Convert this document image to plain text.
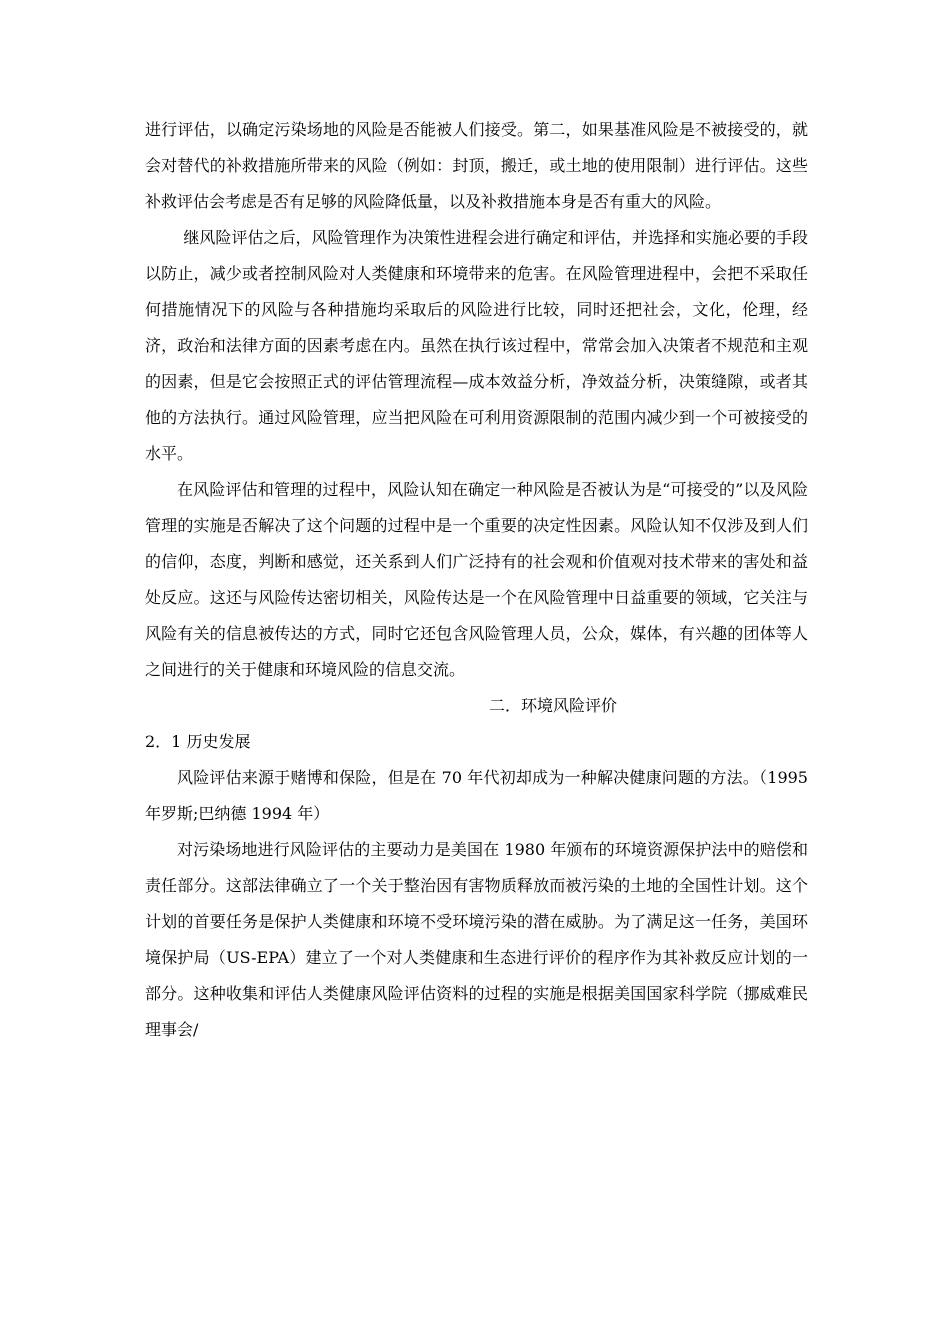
进行评估，以确定污染场地的风险是否能被人们接受。第二，如果基准风险是不被接受的，就会对替代的补救措施所带来的风险（例如：封顶，搬迁，或土地的使用限制）进行评估。这些补救评估会考虑是否有足够的风险降低量，以及补救措施本身是否有重大的风险。

继风险评估之后，风险管理作为决策性进程会进行确定和评估，并选择和实施必要的手段以防止，减少或者控制风险对人类健康和环境带来的危害。在风险管理进程中，会把不采取任何措施情况下的风险与各种措施均采取后的风险进行比较，同时还把社会，文化，伦理，经济，政治和法律方面的因素考虑在内。虽然在执行该过程中，常常会加入决策者不规范和主观的因素，但是它会按照正式的评估管理流程—成本效益分析，净效益分析，决策缝隙，或者其他的方法执行。通过风险管理，应当把风险在可利用资源限制的范围内减少到一个可被接受的水平。

在风险评估和管理的过程中，风险认知在确定一种风险是否被认为是“可接受的”以及风险管理的实施是否解决了这个问题的过程中是一个重要的决定性因素。风险认知不仅涉及到人们的信仰，态度，判断和感觉，还关系到人们广泛持有的社会观和价值观对技术带来的害处和益处反应。这还与风险传达密切相关，风险传达是一个在风险管理中日益重要的领域，它关注与风险有关的信息被传达的方式，同时它还包含风险管理人员，公众，媒体，有兴趣的团体等人之间进行的关于健康和环境风险的信息交流。

二．环境风险评价

2．1 历史发展

风险评估来源于赌博和保险，但是在 70 年代初却成为一种解决健康问题的方法。（1995 年罗斯;巴纳德 1994 年）

对污染场地进行风险评估的主要动力是美国在 1980 年颁布的环境资源保护法中的赔偿和责任部分。这部法律确立了一个关于整治因有害物质释放而被污染的土地的全国性计划。这个计划的首要任务是保护人类健康和环境不受环境污染的潜在威胁。为了满足这一任务，美国环境保护局（US-EPA）建立了一个对人类健康和生态进行评价的程序作为其补救反应计划的一部分。这种收集和评估人类健康风险评估资料的过程的实施是根据美国国家科学院（挪威难民理事会/
